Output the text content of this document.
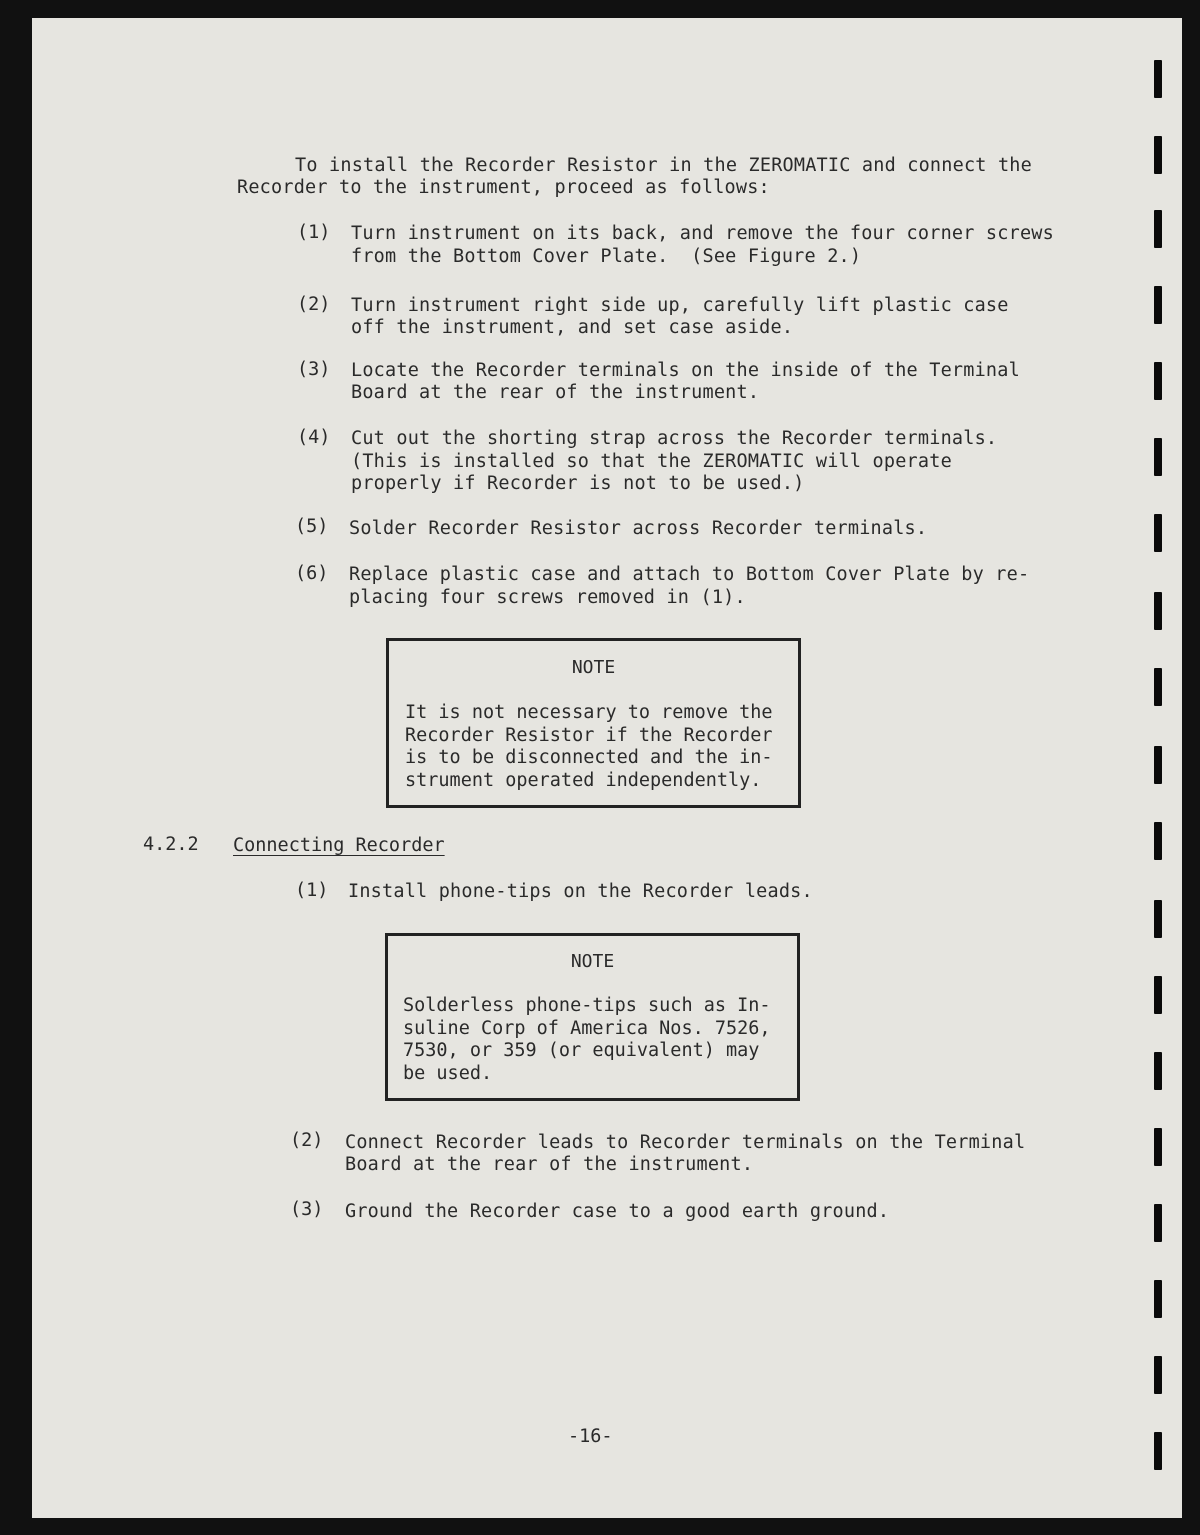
To install the Recorder Resistor in the ZEROMATIC and connect the
Recorder to the instrument, proceed as follows:
(1) Turn instrument on its back, and remove the four corner screws
from the Bottom Cover Plate.  (See Figure 2.)
(2) Turn instrument right side up, carefully lift plastic case
off the instrument, and set case aside.
(3) Locate the Recorder terminals on the inside of the Terminal
Board at the rear of the instrument.
(4) Cut out the shorting strap across the Recorder terminals.
(This is installed so that the ZEROMATIC will operate
properly if Recorder is not to be used.)
(5) Solder Recorder Resistor across Recorder terminals.
(6) Replace plastic case and attach to Bottom Cover Plate by re-
placing four screws removed in (1).
NOTE
It is not necessary to remove the
Recorder Resistor if the Recorder
is to be disconnected and the in-
strument operated independently.
4.2.2 Connecting Recorder
(1) Install phone-tips on the Recorder leads.
NOTE
Solderless phone-tips such as In-
suline Corp of America Nos. 7526,
7530, or 359 (or equivalent) may
be used.
(2) Connect Recorder leads to Recorder terminals on the Terminal
Board at the rear of the instrument.
(3) Ground the Recorder case to a good earth ground.
-16-
